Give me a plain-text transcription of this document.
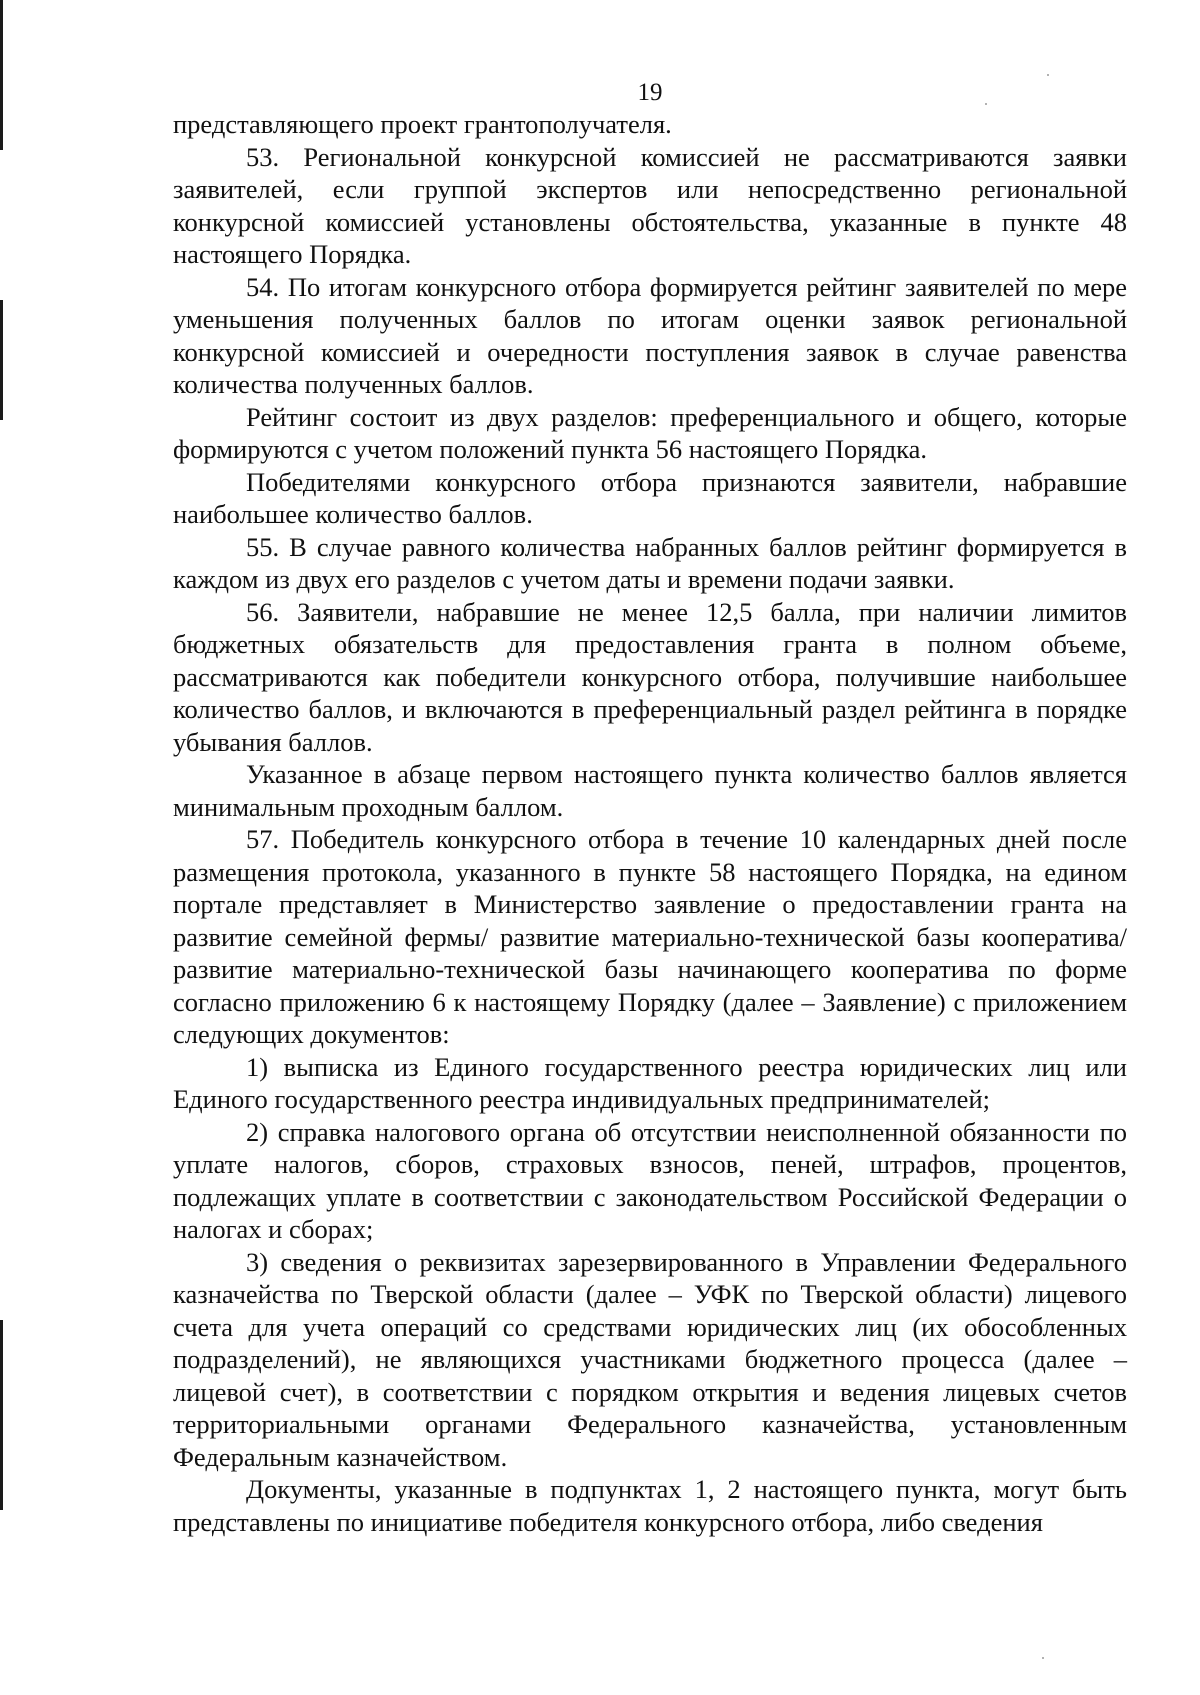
19

представляющего проект грантополучателя.

53. Региональной конкурсной комиссией не рассматриваются заявки заявителей, если группой экспертов или непосредственно региональной конкурсной комиссией установлены обстоятельства, указанные в пункте 48 настоящего Порядка.

54. По итогам конкурсного отбора формируется рейтинг заявителей по мере уменьшения полученных баллов по итогам оценки заявок региональной конкурсной комиссией и очередности поступления заявок в случае равенства количества полученных баллов.

Рейтинг состоит из двух разделов: преференциального и общего, которые формируются с учетом положений пункта 56 настоящего Порядка.

Победителями конкурсного отбора признаются заявители, набравшие наибольшее количество баллов.

55. В случае равного количества набранных баллов рейтинг формируется в каждом из двух его разделов с учетом даты и времени подачи заявки.

56. Заявители, набравшие не менее 12,5 балла, при наличии лимитов бюджетных обязательств для предоставления гранта в полном объеме, рассматриваются как победители конкурсного отбора, получившие наибольшее количество баллов, и включаются в преференциальный раздел рейтинга в порядке убывания баллов.

Указанное в абзаце первом настоящего пункта количество баллов является минимальным проходным баллом.

57. Победитель конкурсного отбора в течение 10 календарных дней после размещения протокола, указанного в пункте 58 настоящего Порядка, на едином портале представляет в Министерство заявление о предоставлении гранта на развитие семейной фермы/ развитие материально-технической базы кооператива/развитие материально-технической базы начинающего кооператива по форме согласно приложению 6 к настоящему Порядку (далее – Заявление) с приложением следующих документов:

1) выписка из Единого государственного реестра юридических лиц или Единого государственного реестра индивидуальных предпринимателей;

2) справка налогового органа об отсутствии неисполненной обязанности по уплате налогов, сборов, страховых взносов, пеней, штрафов, процентов, подлежащих уплате в соответствии с законодательством Российской Федерации о налогах и сборах;

3) сведения о реквизитах зарезервированного в Управлении Федерального казначейства по Тверской области (далее – УФК по Тверской области) лицевого счета для учета операций со средствами юридических лиц (их обособленных подразделений), не являющихся участниками бюджетного процесса (далее – лицевой счет), в соответствии с порядком открытия и ведения лицевых счетов территориальными органами Федерального казначейства, установленным Федеральным казначейством.

Документы, указанные в подпунктах 1, 2 настоящего пункта, могут быть представлены по инициативе победителя конкурсного отбора, либо сведения
